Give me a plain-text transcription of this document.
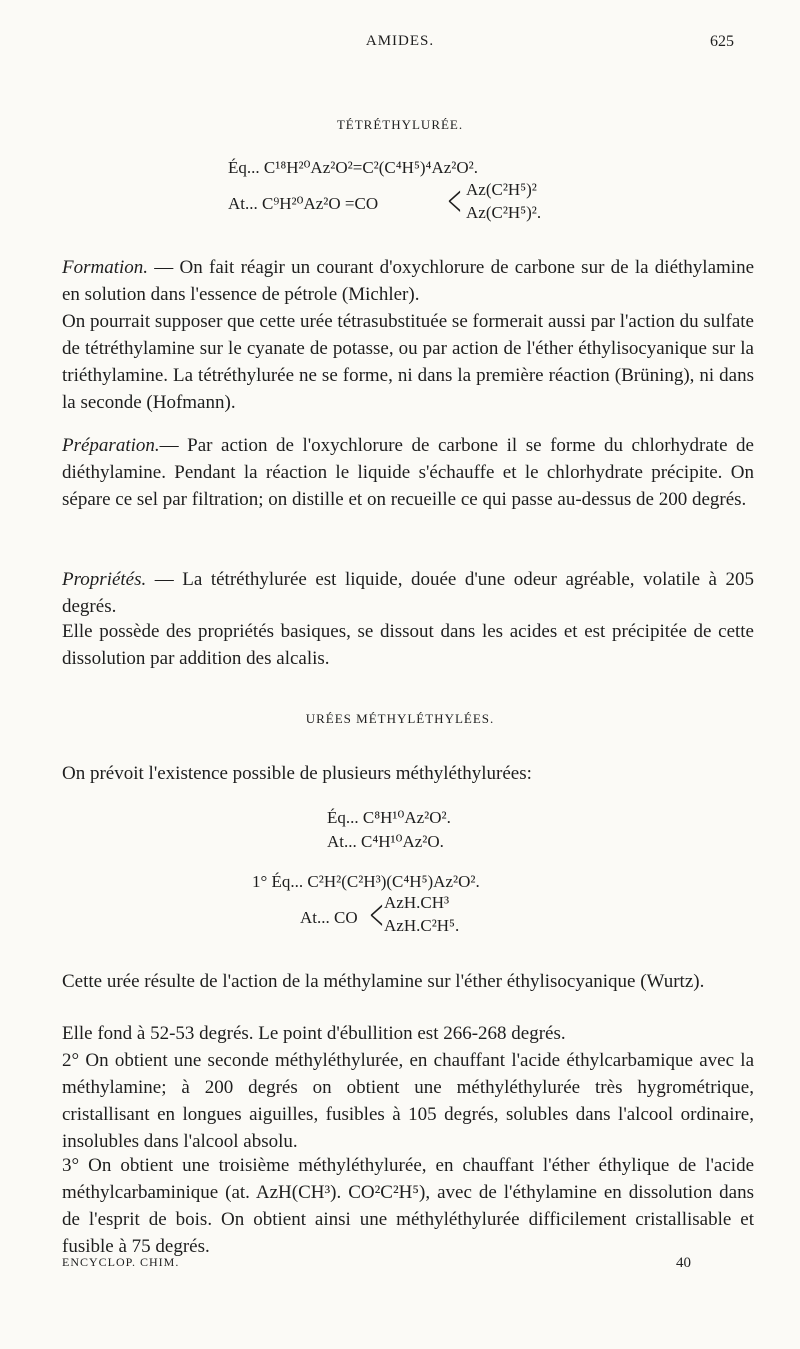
AMIDES.	625
TÉTRÉTHYLURÉE.
Éq... C¹⁸H²⁰Az²O²=C²(C⁴H⁵)⁴Az²O².
At... C⁹H²⁰Az²O =CO < Az(C²H⁵)²
Az(C²H⁵)².
Formation. — On fait réagir un courant d'oxychlorure de carbone sur de la diéthylamine en solution dans l'essence de pétrole (Michler).
On pourrait supposer que cette urée tétrasubstituée se formerait aussi par l'action du sulfate de tétréthylamine sur le cyanate de potasse, ou par action de l'éther éthylisocyanique sur la triéthylamine. La tétréthylurée ne se forme, ni dans la première réaction (Brüning), ni dans la seconde (Hofmann).
Préparation.— Par action de l'oxychlorure de carbone il se forme du chlorhydrate de diéthylamine. Pendant la réaction le liquide s'échauffe et le chlorhydrate précipite. On sépare ce sel par filtration; on distille et on recueille ce qui passe au-dessus de 200 degrés.
Propriétés. — La tétréthylurée est liquide, douée d'une odeur agréable, volatile à 205 degrés.
Elle possède des propriétés basiques, se dissout dans les acides et est précipitée de cette dissolution par addition des alcalis.
URÉES MÉTHYLÉTHYLÉES.
On prévoit l'existence possible de plusieurs méthyléthylurées:
Éq... C⁸H¹⁰Az²O².
At... C⁴H¹⁰Az²O.
1° Éq... C²H²(C²H³)(C⁴H⁵)Az²O².
At... CO < AzH.CH³
AzH.C²H⁵.
Cette urée résulte de l'action de la méthylamine sur l'éther éthylisocyanique (Wurtz).
Elle fond à 52-53 degrés. Le point d'ébullition est 266-268 degrés.
2° On obtient une seconde méthyléthylurée, en chauffant l'acide éthylcarbamique avec la méthylamine; à 200 degrés on obtient une méthyléthylurée très hygrométrique, cristallisant en longues aiguilles, fusibles à 105 degrés, solubles dans l'alcool ordinaire, insolubles dans l'alcool absolu.
3° On obtient une troisième méthyléthylurée, en chauffant l'éther éthylique de l'acide méthylcarbaminique (at. AzH(CH³). CO²C²H⁵), avec de l'éthylamine en dissolution dans de l'esprit de bois. On obtient ainsi une méthyléthylurée difficilement cristallisable et fusible à 75 degrés.
ENCYCLOP. CHIM.	40
